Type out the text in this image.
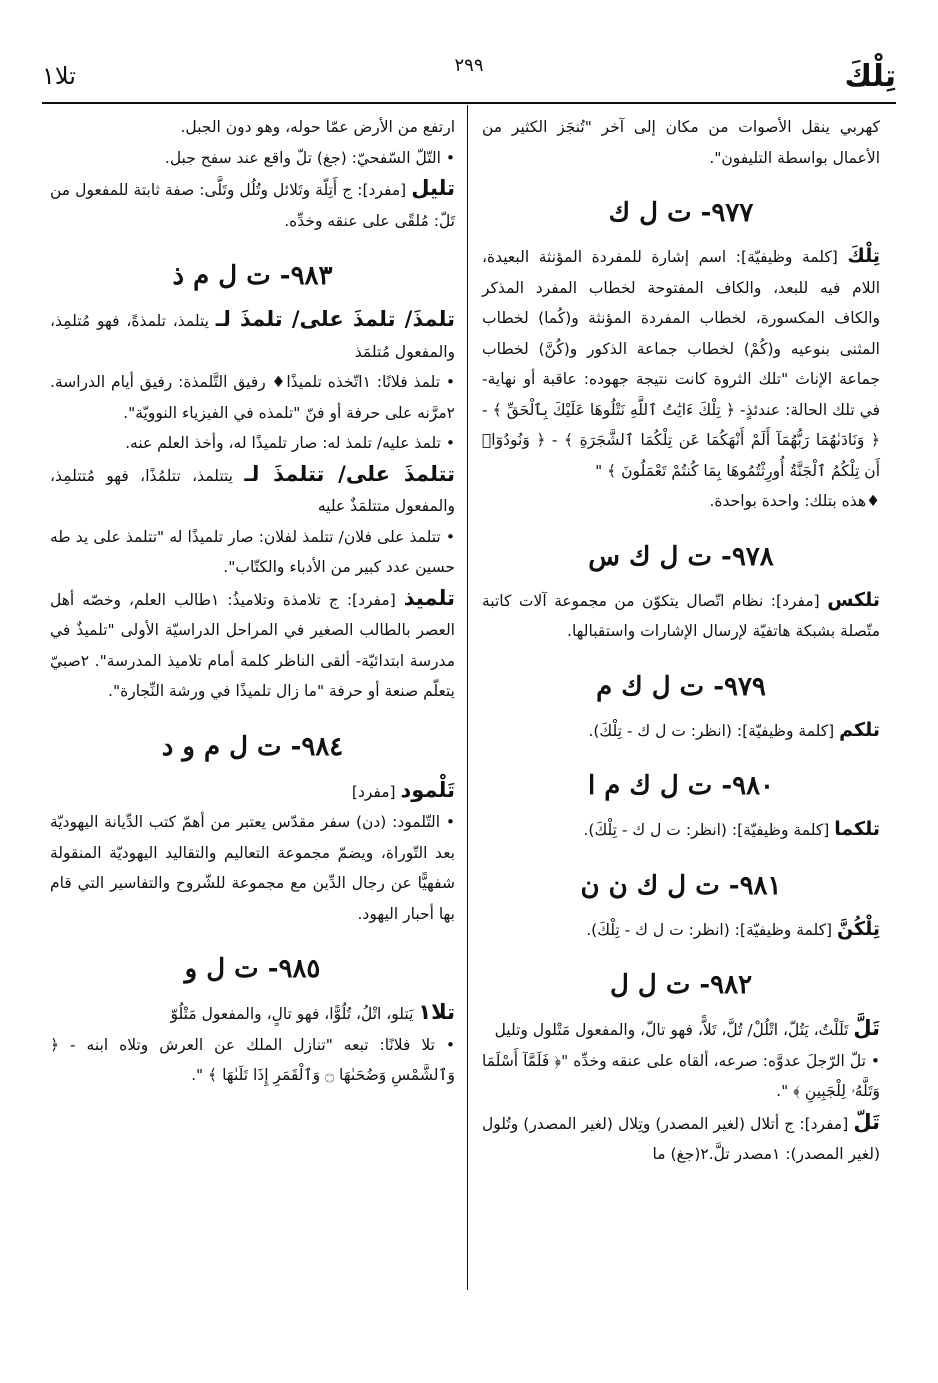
تِلْكَ
٢٩٩
تلا١

كهربي ينقل الأصوات من مكان إلى آخر "تُنجَز الكثير من الأعمال بواسطة التليفون".

٩٧٧- ت ل ك

تِلْكَ [كلمة وظيفيّة]: اسم إشارة للمفردة المؤنثة البعيدة، اللام فيه للبعد، والكاف المفتوحة لخطاب المفرد المذكر والكاف المكسورة، لخطاب المفردة المؤنثة و(كُما) لخطاب المثنى بنوعيه و(كُمْ) لخطاب جماعة الذكور و(كُنَّ) لخطاب جماعة الإناث "تلك الثروة كانت نتيجة جهوده: عاقبة أو نهاية- في تلك الحالة: عندئذٍ- ﴿ تِلْكَ ءَايَٰتُ ٱللَّهِ نَتْلُوهَا عَلَيْكَ بِٱلْحَقِّ ﴾ - ﴿ وَنَادَىٰهُمَا رَبُّهُمَآ أَلَمْ أَنْهَكُمَا عَن تِلْكُمَا ٱلشَّجَرَةِ ﴾ - ﴿ وَنُودُوٓا۟ أَن تِلْكُمُ ٱلْجَنَّةُ أُورِثْتُمُوهَا بِمَا كُنتُمْ تَعْمَلُونَ ﴾ "

♦هذه بتلك: واحدة بواحدة.

٩٧٨- ت ل ك س

تلكس [مفرد]: نظام اتّصال يتكوّن من مجموعة آلات كاتبة متّصلة بشبكة هاتفيّة لإرسال الإشارات واستقبالها.

٩٧٩- ت ل ك م

تلكم [كلمة وظيفيّة]: (انظر: ت ل ك - تِلْكَ).

٩٨٠- ت ل ك م ا

تلكما [كلمة وظيفيّة]: (انظر: ت ل ك - تِلْكَ).

٩٨١- ت ل ك ن ن

تِلْكُنَّ [كلمة وظيفيّة]: (انظر: ت ل ك - تِلْكَ).

٩٨٢- ت ل ل

تَلَّ تَلَلْتُ، يَتُلّ، اتْلُلْ/ تُلَّ، تَلاًّ، فهو تالّ، والمفعول مَتْلول وتليل

• تلّ الرّجلَ عدوَّه: صرعه، ألقاه على عنقه وخدِّه "﴿ فَلَمَّآ أَسْلَمَا وَتَلَّهُۥ لِلْجَبِينِ ﴾ ".

تَلّ [مفرد]: ج أتلال (لغير المصدر) وتِلال (لغير المصدر) وتُلول (لغير المصدر): ١مصدر تلَّ.٢(جغ) ما

ارتفع من الأرض عمّا حوله، وهو دون الجبل.

• التّلّ السّفحيّ: (جغ) تلّ واقع عند سفح جبل.

تليل [مفرد]: ج أَتِلّة وتَلائل وتُلُل وتَلَّى: صفة ثابتة للمفعول من تَلّ: مُلقًى على عنقه وخدِّه.

٩٨٣- ت ل م ذ

تلمذَ/ تلمذَ على/ تلمذَ لـ يتلمذ، تلمذةً، فهو مُتلمِذ، والمفعول مُتلمَذ

• تلمذ فلانًا: ١اتّخذه تلميذًا♦ رفيق التَّلمذة: رفيق أيام الدراسة. ٢مرَّنه على حرفة أو فنّ "تلمذه في الفيزياء النوويّة".

• تلمذ عليه/ تلمذ له: صار تلميذًا له، وأخذ العلم عنه.

تتلمذَ على/ تتلمذَ لـ يتتلمذ، تتلمُذًا، فهو مُتتلمِذ، والمفعول متتلمَذٌ عليه

• تتلمذ على فلان/ تتلمذ لفلان: صار تلميذًا له "تتلمذ على يد طه حسين عدد كبير من الأدباء والكتّاب".

تلميذ [مفرد]: ج تلامذة وتلاميذُ: ١طالب العلم، وخصّه أهل العصر بالطالب الصغير في المراحل الدراسيّة الأولى "تلميذٌ في مدرسة ابتدائيّة- ألقى الناظر كلمة أمام تلاميذ المدرسة". ٢صبيّ يتعلّم صنعة أو حرفة "ما زال تلميذًا في ورشة النِّجارة".

٩٨٤- ت ل م و د

تَلْمود [مفرد]

• التّلمود: (دن) سفر مقدّس يعتبر من أهمّ كتب الدِّيانة اليهوديّة بعد التّوراة، ويضمّ مجموعة التعاليم والتقاليد اليهوديّة المنقولة شفهيًّا عن رجال الدِّين مع مجموعة للشّروح والتفاسير التي قام بها أحبار اليهود.

٩٨٥- ت ل و

تلا١ يَتلو، اتْلُ، تُلُوًّا، فهو تالٍ، والمفعول مَتْلُوّ

• تلا فلانًا: تبعه "تنازل الملك عن العرش وتلاه ابنه - ﴿ وَٱلشَّمْسِ وَضُحَىٰهَا ۝ وَٱلْقَمَرِ إِذَا تَلَىٰهَا ﴾ ".
